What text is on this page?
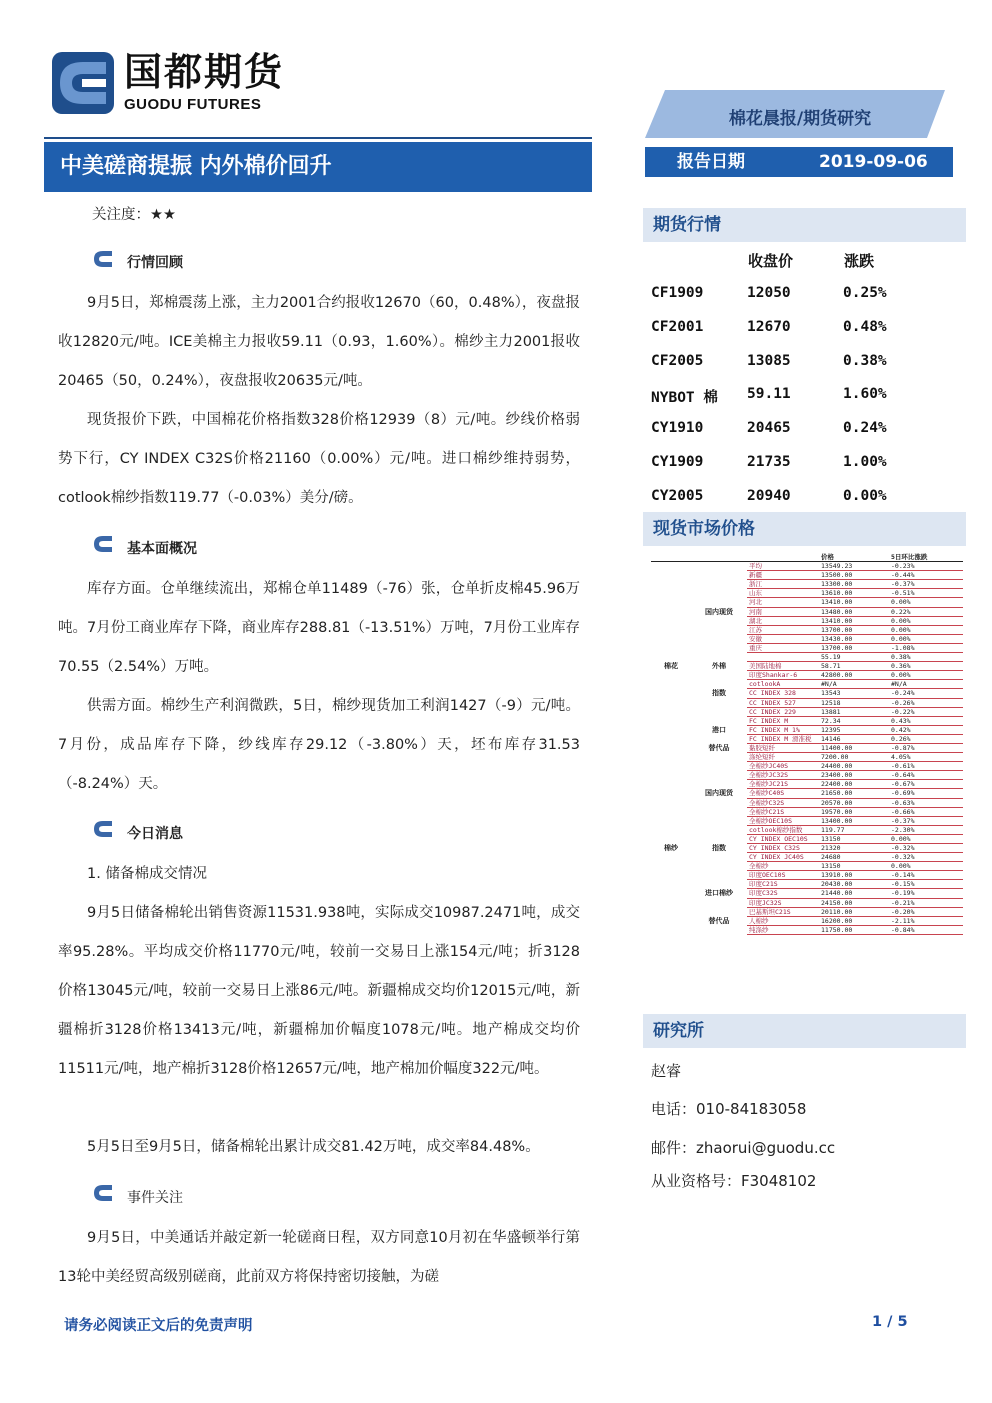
国都期货
GUODU FUTURES
中美磋商提振 内外棉价回升
棉花晨报/期货研究
报告日期	2019-09-06
关注度：★★
行情回顾
9月5日，郑棉震荡上涨，主力2001合约报收12670（60，0.48%），夜盘报收12820元/吨。ICE美棉主力报收59.11（0.93，1.60%）。棉纱主力2001报收20465（50，0.24%），夜盘报收20635元/吨。
现货报价下跌，中国棉花价格指数328价格12939（8）元/吨。纱线价格弱势下行，CY INDEX C32S价格21160（0.00%）元/吨。进口棉纱维持弱势，cotlook棉纱指数119.77（-0.03%）美分/磅。
基本面概况
库存方面。仓单继续流出，郑棉仓单11489（-76）张，仓单折皮棉45.96万吨。7月份工商业库存下降，商业库存288.81（-13.51%）万吨，7月份工业库存70.55（2.54%）万吨。
供需方面。棉纱生产利润微跌，5日，棉纱现货加工利润1427（-9）元/吨。7月份，成品库存下降，纱线库存29.12（-3.80%）天，坯布库存31.53（-8.24%）天。
今日消息
1. 储备棉成交情况
9月5日储备棉轮出销售资源11531.938吨，实际成交10987.2471吨，成交率95.28%。平均成交价格11770元/吨，较前一交易日上涨154元/吨；折3128价格13045元/吨，较前一交易日上涨86元/吨。新疆棉成交均价12015元/吨，新疆棉折3128价格13413元/吨，新疆棉加价幅度1078元/吨。地产棉成交均价11511元/吨，地产棉折3128价格12657元/吨，地产棉加价幅度322元/吨。
5月5日至9月5日，储备棉轮出累计成交81.42万吨，成交率84.48%。
事件关注
9月5日，中美通话并敲定新一轮磋商日程，双方同意10月初在华盛顿举行第13轮中美经贸高级别磋商，此前双方将保持密切接触，为磋
请务必阅读正文后的免责声明	1 / 5
期货行情
收盘价	涨跌
CF1909	12050	0.25%
CF2001	12670	0.48%
CF2005	13085	0.38%
NYBOT 棉 59.11	1.60%
CY1910	20465	0.24%
CY1909	21735	1.00%
CY2005	20940	0.00%
现货市场价格
			价格	5日环比涨跌
		平均	13549.23	-0.23%
		新疆	13500.00	-0.44%
		浙江	13300.00	-0.37%
		山东	13610.00	-0.51%
		河北	13410.00	0.00%
	国内现货	河南	13480.00	0.22%
		湖北	13410.00	0.00%
		江苏	13700.00	0.00%
		安徽	13430.00	0.00%
		重庆	13700.00	-1.08%
			55.19	0.38%
棉花	外棉	美国陆地棉	58.71	0.36%
		印度Shankar-6	42800.00	0.00%
		cotlookA	#N/A	#N/A
	指数	CC INDEX 328	13543	-0.24%
		CC INDEX 527	12518	-0.26%
		CC INDEX 229	13881	-0.22%
		FC INDEX M	72.34	0.43%
	港口	FC INDEX M 1%	12395	0.42%
		FC INDEX M 滑准税	14146	0.26%
	替代品	黏胶短纤	11400.00	-0.87%
		涤纶短纤	7200.00	4.05%
		全棉纱JC40S	24400.00	-0.61%
		全棉纱JC32S	23400.00	-0.64%
		全棉纱JC21S	22400.00	-0.67%
	国内现货	全棉纱C40S	21650.00	-0.69%
		全棉纱C32S	20570.00	-0.63%
		全棉纱C21S	19570.00	-0.66%
		全棉纱OEC10S	13400.00	-0.37%
		cotlook棉纱指数	119.77	-2.30%
		CY INDEX OEC10S	13150	0.00%
棉纱	指数	CY INDEX C32S	21320	-0.32%
		CY INDEX JC40S	24680	-0.32%
		全棉纱	13150	0.00%
		印度OEC10S	13910.00	-0.14%
		印度C21S	20430.00	-0.15%
	进口棉纱	印度C32S	21440.00	-0.19%
		印度JC32S	24150.00	-0.21%
		巴基斯坦C21S	20110.00	-0.20%
	替代品	人棉纱	16200.00	-2.11%
		纯涤纱	11750.00	-0.84%
研究所
赵睿
电话：010-84183058
邮件：zhaorui@guodu.cc
从业资格号：F3048102
